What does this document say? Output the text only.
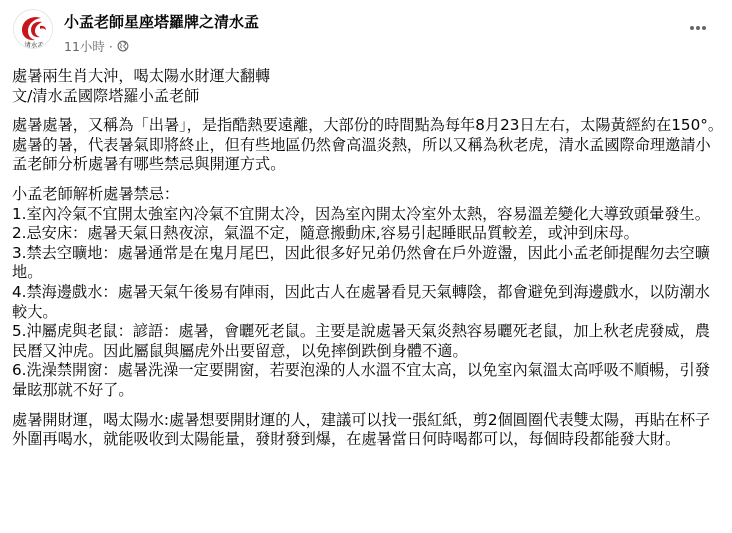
清水孟
小孟老師星座塔羅牌之清水孟
11小時 ·
處暑兩生肖大沖，喝太陽水財運大翻轉
文/清水孟國際塔羅小孟老師
處暑處暑，又稱為「出暑」，是指酷熱要遠離，大部份的時間點為每年8月23日左右，太陽黃經約在150°。處暑的暑，代表暑氣即將終止，但有些地區仍然會高溫炎熱，所以又稱為秋老虎，清水孟國際命理邀請小孟老師分析處暑有哪些禁忌與開運方式。
小孟老師解析處暑禁忌：
1.室內冷氣不宜開太強室內冷氣不宜開太冷，因為室內開太冷室外太熱，容易溫差變化大導致頭暈發生。
2.忌安床：處暑天氣日熱夜涼，氣溫不定，隨意搬動床,容易引起睡眠品質較差，或沖到床母。
3.禁去空曠地：處暑通常是在鬼月尾巴，因此很多好兄弟仍然會在戶外遊盪，因此小孟老師提醒勿去空曠地。
4.禁海邊戲水：處暑天氣午後易有陣雨，因此古人在處暑看見天氣轉陰，都會避免到海邊戲水，以防潮水較大。
5.沖屬虎與老鼠：諺語：處暑，會曬死老鼠。主要是說處暑天氣炎熱容易曬死老鼠，加上秋老虎發威，農民曆又沖虎。因此屬鼠與屬虎外出要留意，以免摔倒跌倒身體不適。
6.洗澡禁開窗：處暑洗澡一定要開窗，若要泡澡的人水溫不宜太高，以免室內氣溫太高呼吸不順暢，引發暈眩那就不好了。
處暑開財運，喝太陽水:處暑想要開財運的人，建議可以找一張紅紙，剪2個圓圈代表雙太陽，再貼在杯子外圍再喝水，就能吸收到太陽能量，發財發到爆，在處暑當日何時喝都可以，每個時段都能發大財。
